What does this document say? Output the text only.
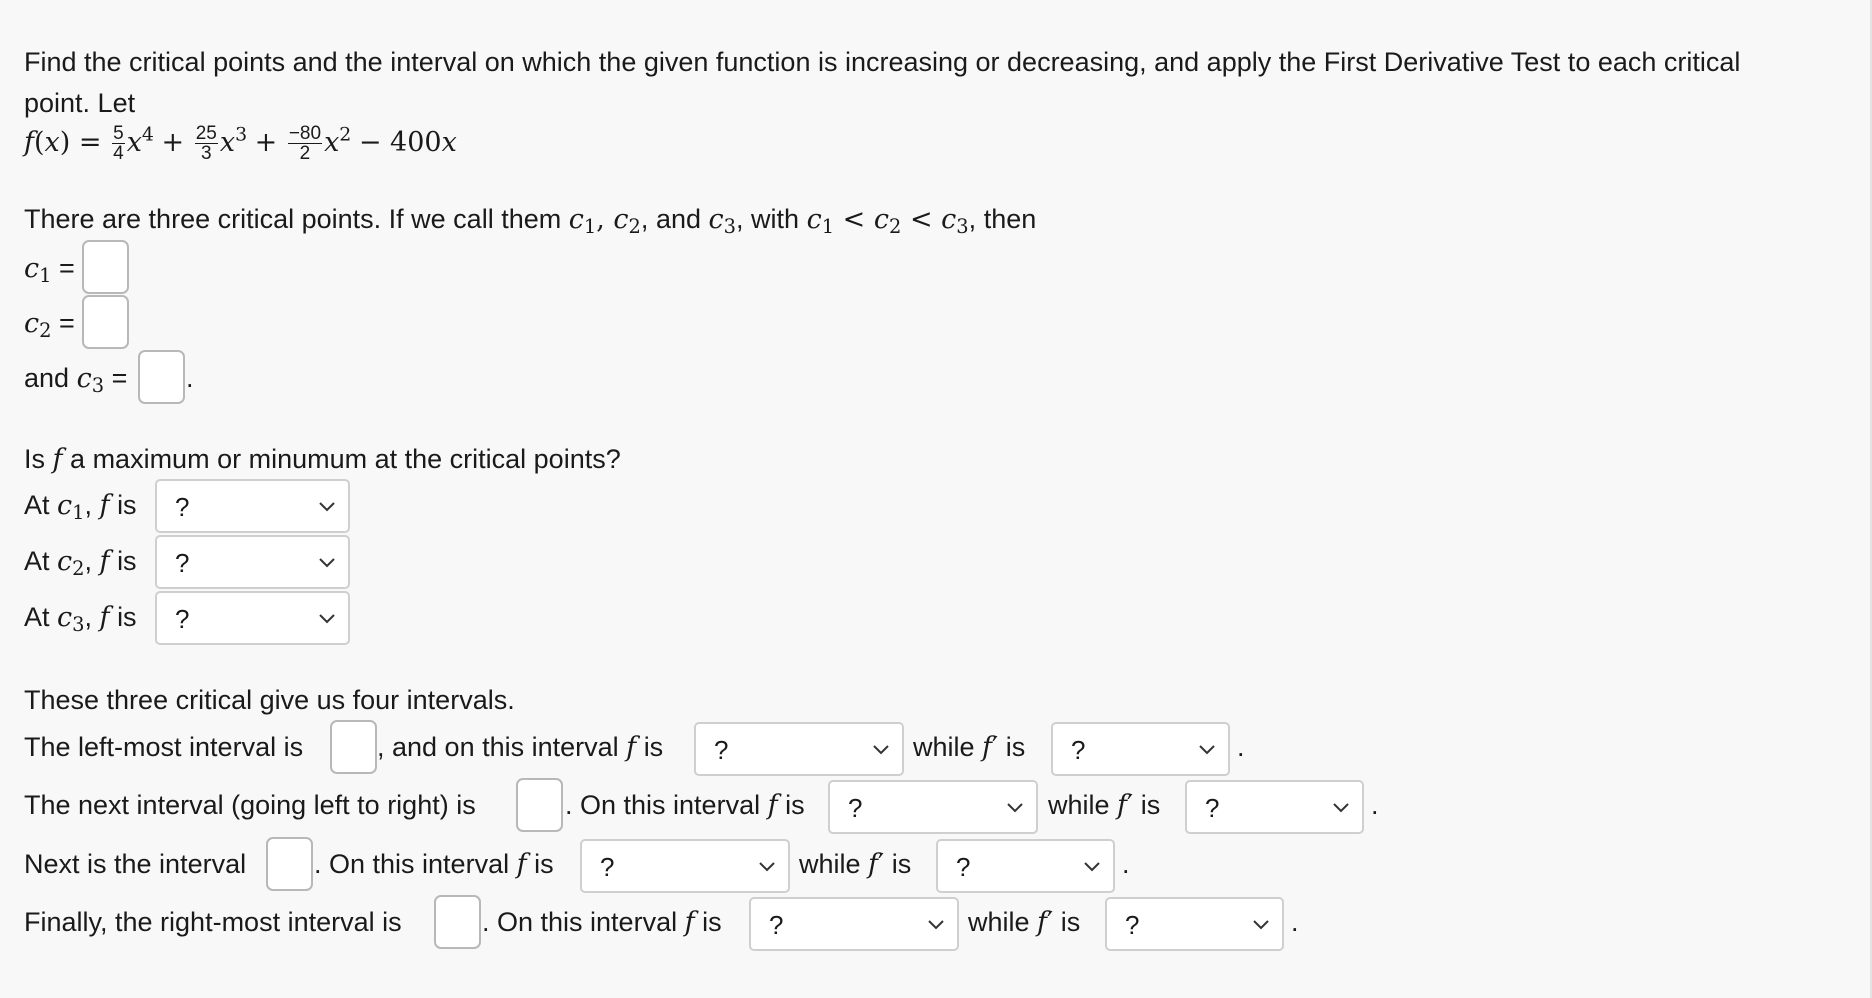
Find the critical points and the interval on which the given function is increasing or decreasing, and apply the First Derivative Test to each critical
point. Let
$f(x) = \frac{5}{4} x^4 + \frac{25}{3} x^3 + \frac{-80}{2} x^2 - 400x$
There are three critical points. If we call them $c_1$, $c_2$, and $c_3$, with $c_1 < c_2 < c_3$, then
$c_1$ =
$c_2$ =
and $c_3$ = .
Is f a maximum or minumum at the critical points?
At $c_1$, f is ?
At $c_2$, f is ?
At $c_3$, f is ?
These three critical give us four intervals.
The left-most interval is	, and on this interval f is ?	while f′ is ?	.
The next interval (going left to right) is	. On this interval f is ?	while f′ is ?	.
Next is the interval	. On this interval f is ?	while f′ is ?	.
Finally, the right-most interval is	. On this interval f is ?	while f′ is ?	.
